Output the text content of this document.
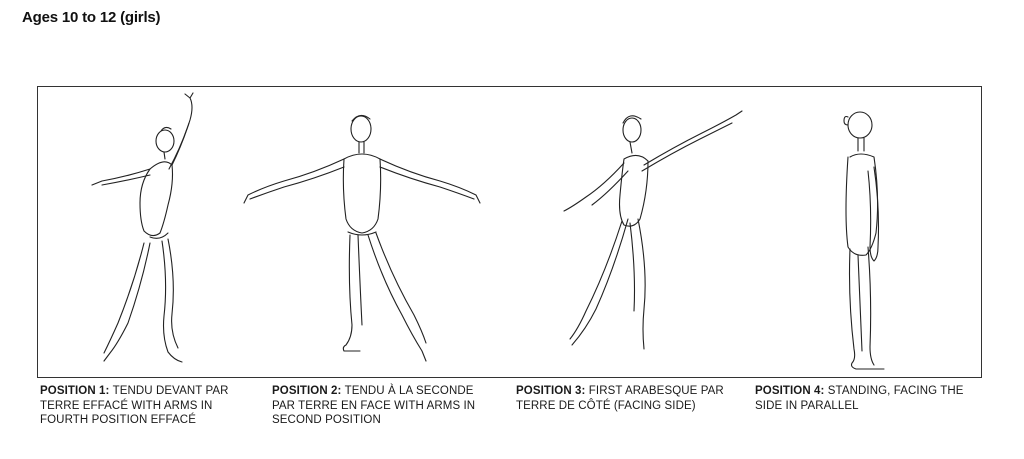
Ages 10 to 12 (girls)
POSITION 1: TENDU DEVANT PAR TERRE EFFACÉ WITH ARMS IN FOURTH POSITION EFFACÉ
POSITION 2: TENDU À LA SECONDE PAR TERRE EN FACE WITH ARMS IN SECOND POSITION
POSITION 3: FIRST ARABESQUE PAR TERRE DE CÔTÉ (FACING SIDE)
POSITION 4: STANDING, FACING THE SIDE IN PARALLEL
